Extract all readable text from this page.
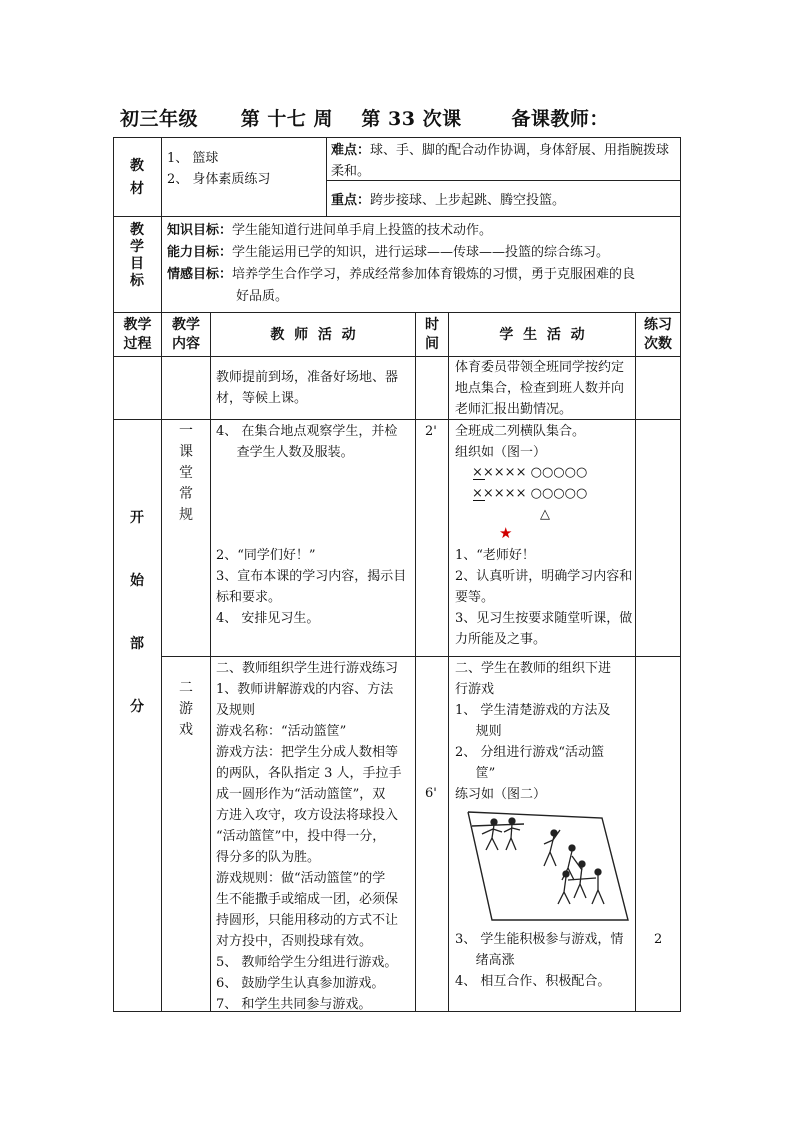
初三年级 第 十七 周 第 33 次课	备课教师：
教
材
1、 篮球
2、 身体素质练习
难点：球、手、脚的配合动作协调，身体舒展、用指腕拨球柔和。
重点：跨步接球、上步起跳、腾空投篮。
教
学
目
标
知识目标：学生能知道行进间单手肩上投篮的技术动作。
能力目标：学生能运用已学的知识，进行运球——传球——投篮的综合练习。
情感目标：培养学生合作学习，养成经常参加体育锻炼的习惯，勇于克服困难的良
好品质。
教学
过程
教学
内容
教  师  活  动
时
间
学  生  活  动
练习
次数
教师提前到场，准备好场地、器材，等候上课。
体育委员带领全班同学按约定地点集合，检查到班人数并向老师汇报出勤情况。
开
始
部
分
一
课
堂
常
规
4、 在集合地点观察学生，并检
查学生人数及服装。
2、“同学们好！”
3、宣布本课的学习内容，揭示目标和要求。
4、 安排见习生。
2' 全班成二列横队集合。
组织如（图一）
××××× ○○○○○
××××× ○○○○○
△
★
1、“老师好！
2、认真听讲，明确学习内容和要等。
3、见习生按要求随堂听课，做力所能及之事。
二
游
戏
二、教师组织学生进行游戏练习
1、教师讲解游戏的内容、方法
及规则
游戏名称：“活动篮筐”
游戏方法：把学生分成人数相等
的两队，各队指定 3 人，手拉手
成一圆形作为“活动篮筐”，双
方进入攻守，攻方设法将球投入
“活动篮筐”中，投中得一分，
得分多的队为胜。
游戏规则：做“活动篮筐”的学
生不能撒手或缩成一团，必须保
持圆形，只能用移动的方式不让
对方投中，否则投球有效。
5、 教师给学生分组进行游戏。
6、 鼓励学生认真参加游戏。
7、 和学生共同参与游戏。
6'
二、学生在教师的组织下进
行游戏
1、 学生清楚游戏的方法及
规则
2、 分组进行游戏“活动篮
筐”
练习如（图二）
3、 学生能积极参与游戏，情
绪高涨
4、 相互合作、积极配合。
2
